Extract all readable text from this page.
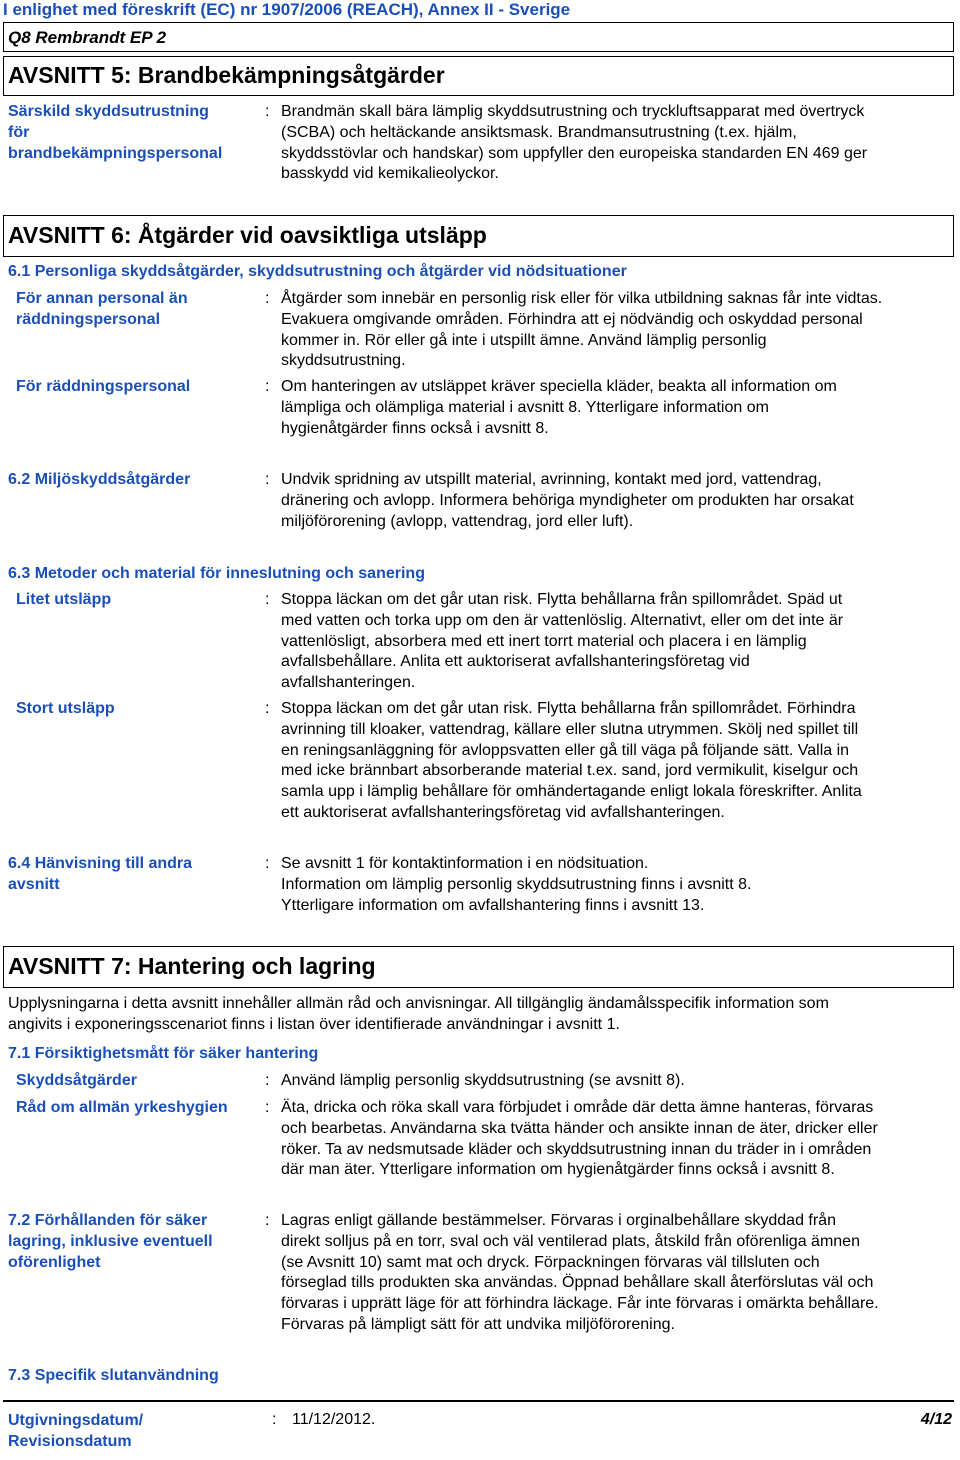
I enlighet med föreskrift (EC) nr 1907/2006 (REACH), Annex II - Sverige
Q8 Rembrandt EP 2
AVSNITT 5: Brandbekämpningsåtgärder
Särskild skyddsutrustning
för
brandbekämpningspersonal
: Brandmän skall bära lämplig skyddsutrustning och tryckluftsapparat med övertryck
(SCBA) och heltäckande ansiktsmask. Brandmansutrustning (t.ex. hjälm,
skyddsstövlar och handskar) som uppfyller den europeiska standarden EN 469 ger
basskydd vid kemikalieolyckor.
AVSNITT 6: Åtgärder vid oavsiktliga utsläpp
6.1 Personliga skyddsåtgärder, skyddsutrustning och åtgärder vid nödsituationer
För annan personal än
räddningspersonal
: Åtgärder som innebär en personlig risk eller för vilka utbildning saknas får inte vidtas.
Evakuera omgivande områden. Förhindra att ej nödvändig och oskyddad personal
kommer in. Rör eller gå inte i utspillt ämne. Använd lämplig personlig
skyddsutrustning.
För räddningspersonal	: Om hanteringen av utsläppet kräver speciella kläder, beakta all information om
lämpliga och olämpliga material i avsnitt 8. Ytterligare information om
hygienåtgärder finns också i avsnitt 8.
6.2 Miljöskyddsåtgärder	: Undvik spridning av utspillt material, avrinning, kontakt med jord, vattendrag,
dränering och avlopp. Informera behöriga myndigheter om produkten har orsakat
miljöförorening (avlopp, vattendrag, jord eller luft).
6.3 Metoder och material för inneslutning och sanering
Litet utsläpp	: Stoppa läckan om det går utan risk. Flytta behållarna från spillområdet. Späd ut
med vatten och torka upp om den är vattenlöslig. Alternativt, eller om det inte är
vattenlösligt, absorbera med ett inert torrt material och placera i en lämplig
avfallsbehållare. Anlita ett auktoriserat avfallshanteringsföretag vid
avfallshanteringen.
Stort utsläpp	: Stoppa läckan om det går utan risk. Flytta behållarna från spillområdet. Förhindra
avrinning till kloaker, vattendrag, källare eller slutna utrymmen. Skölj ned spillet till
en reningsanläggning för avloppsvatten eller gå till väga på följande sätt. Valla in
med icke brännbart absorberande material t.ex. sand, jord vermikulit, kiselgur och
samla upp i lämplig behållare för omhändertagande enligt lokala föreskrifter. Anlita
ett auktoriserat avfallshanteringsföretag vid avfallshanteringen.
6.4 Hänvisning till andra
avsnitt
: Se avsnitt 1 för kontaktinformation i en nödsituation.
Information om lämplig personlig skyddsutrustning finns i avsnitt 8.
Ytterligare information om avfallshantering finns i avsnitt 13.
AVSNITT 7: Hantering och lagring
Upplysningarna i detta avsnitt innehåller allmän råd och anvisningar. All tillgänglig ändamålsspecifik information som
angivits i exponeringsscenariot finns i listan över identifierade användningar i avsnitt 1.
7.1 Försiktighetsmått för säker hantering
Skyddsåtgärder	: Använd lämplig personlig skyddsutrustning (se avsnitt 8).
Råd om allmän yrkeshygien	: Äta, dricka och röka skall vara förbjudet i område där detta ämne hanteras, förvaras
och bearbetas. Användarna ska tvätta händer och ansikte innan de äter, dricker eller
röker. Ta av nedsmutsade kläder och skyddsutrustning innan du träder in i områden
där man äter. Ytterligare information om hygienåtgärder finns också i avsnitt 8.
7.2 Förhållanden för säker
lagring, inklusive eventuell
oförenlighet
: Lagras enligt gällande bestämmelser. Förvaras i orginalbehållare skyddad från
direkt solljus på en torr, sval och väl ventilerad plats, åtskild från oförenliga ämnen
(se Avsnitt 10) samt mat och dryck. Förpackningen förvaras väl tillsluten och
förseglad tills produkten ska användas. Öppnad behållare skall återförslutas väl och
förvaras i upprätt läge för att förhindra läckage. Får inte förvaras i omärkta behållare.
Förvaras på lämpligt sätt för att undvika miljöförorening.
7.3 Specifik slutanvändning
Utgivningsdatum/
Revisionsdatum
: 11/12/2012.	4/12
